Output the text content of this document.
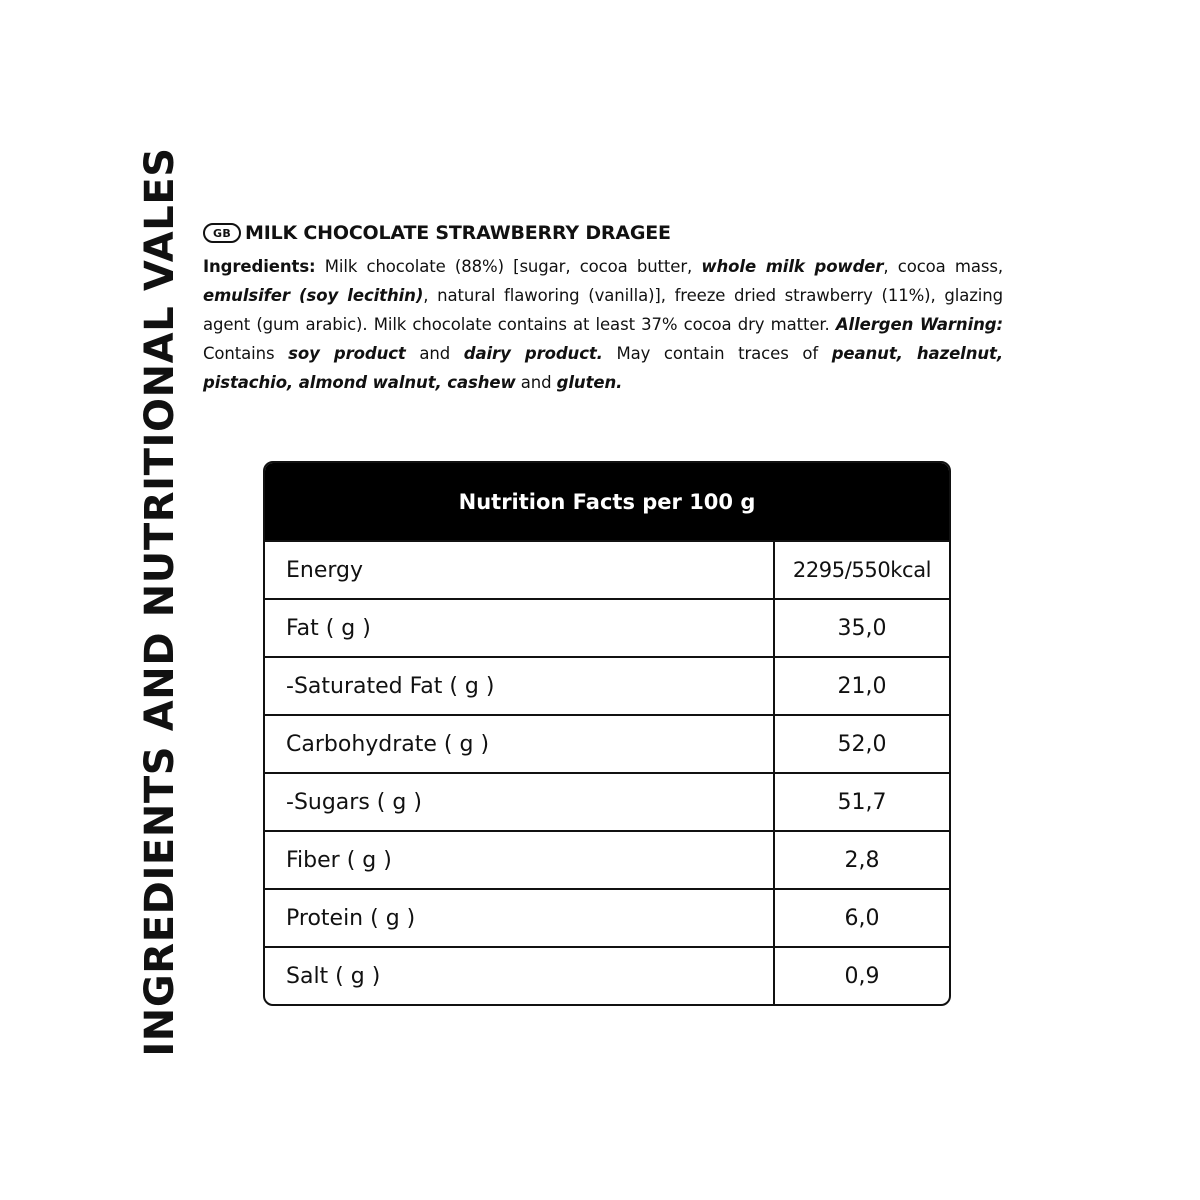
INGREDIENTS AND NUTRITIONAL VALES	GB MILK CHOCOLATE STRAWBERRY DRAGEE

Ingredients: Milk chocolate (88%) [sugar, cocoa butter, whole milk powder, cocoa mass, emulsifer (soy lecithin), natural flaworing (vanilla)], freeze dried strawberry (11%), glazing agent (gum arabic). Milk chocolate contains at least 37% cocoa dry matter. Allergen Warning: Contains soy product and dairy product. May contain traces of peanut, hazelnut, pistachio, almond walnut, cashew and gluten.

Nutrition Facts per 100 g
Energy	2295/550kcal
Fat ( g )	35,0
-Saturated Fat ( g )	21,0
Carbohydrate ( g )	52,0
-Sugars ( g )	51,7
Fiber ( g )	2,8
Protein ( g )	6,0
Salt ( g )	0,9
